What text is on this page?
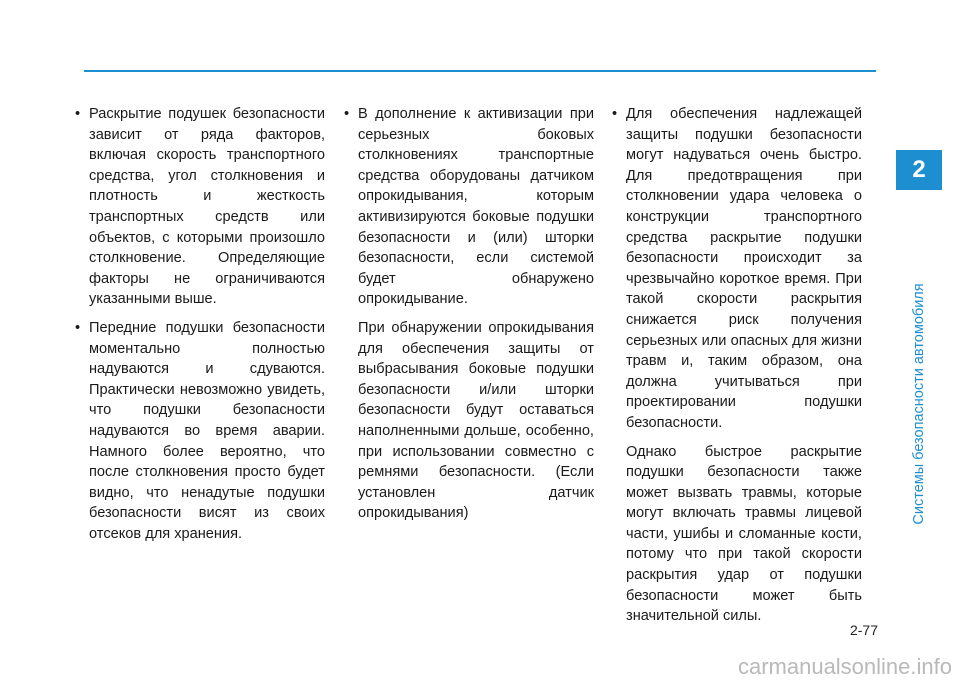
• Раскрытие подушек безопасности зависит от ряда факторов, включая скорость транспортного средства, угол столкновения и плотность и жесткость транспортных средств или объектов, с которыми произошло столкновение. Определяющие факторы не ограничиваются указанными выше.
• Передние подушки безопасности моментально полностью надуваются и сдуваются. Практически невозможно увидеть, что подушки безопасности надуваются во время аварии. Намного более вероятно, что после столкновения просто будет видно, что ненадутые подушки безопасности висят из своих отсеков для хранения.
• В дополнение к активизации при серьезных боковых столкновениях транспортные средства оборудованы датчиком опрокидывания, которым активизируются боковые подушки безопасности и (или) шторки безопасности, если системой будет обнаружено опрокидывание.
При обнаружении опрокидывания для обеспечения защиты от выбрасывания боковые подушки безопасности и/или шторки безопасности будут оставаться наполненными дольше, особенно, при использовании совместно с ремнями безопасности. (Если установлен датчик опрокидывания)
• Для обеспечения надлежащей защиты подушки безопасности могут надуваться очень быстро. Для предотвращения при столкновении удара человека о конструкции транспортного средства раскрытие подушки безопасности происходит за чрезвычайно короткое время. При такой скорости раскрытия снижается риск получения серьезных или опасных для жизни травм и, таким образом, она должна учитываться при проектировании подушки безопасности.
Однако быстрое раскрытие подушки безопасности также может вызвать травмы, которые могут включать травмы лицевой части, ушибы и сломанные кости, потому что при такой скорости раскрытия удар от подушки безопасности может быть значительной силы.
2
Системы безопасности автомобиля
2-77
carmanualsonline.info
